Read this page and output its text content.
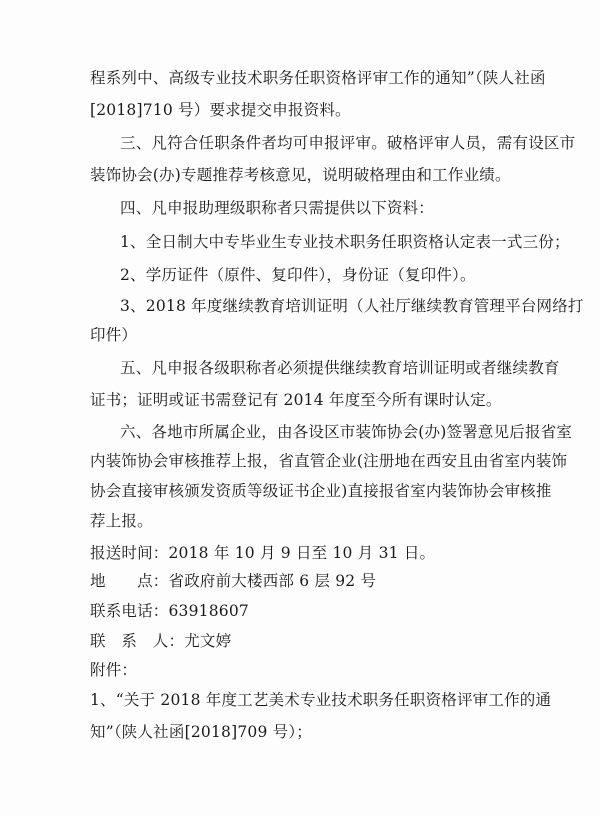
程系列中、高级专业技术职务任职资格评审工作的通知”（陕人社函
[2018]710 号）要求提交申报资料。
三、凡符合任职条件者均可申报评审。破格评审人员，需有设区市
装饰协会(办)专题推荐考核意见，说明破格理由和工作业绩。
四、凡申报助理级职称者只需提供以下资料：
1、全日制大中专毕业生专业技术职务任职资格认定表一式三份；
2、学历证件（原件、复印件），身份证（复印件）。
3、2018 年度继续教育培训证明（人社厅继续教育管理平台网络打
印件）
五、凡申报各级职称者必须提供继续教育培训证明或者继续教育
证书；证明或证书需登记有 2014 年度至今所有课时认定。
六、各地市所属企业，由各设区市装饰协会(办)签署意见后报省室
内装饰协会审核推荐上报，省直管企业(注册地在西安且由省室内装饰
协会直接审核颁发资质等级证书企业)直接报省室内装饰协会审核推
荐上报。
报送时间：2018 年 10 月 9 日至 10 月 31 日。
地　　点：省政府前大楼西部 6 层 92 号
联系电话：63918607
联　系　人：尤文婷
附件：
1、“关于 2018 年度工艺美术专业技术职务任职资格评审工作的通
知”（陕人社函[2018]709 号）；
